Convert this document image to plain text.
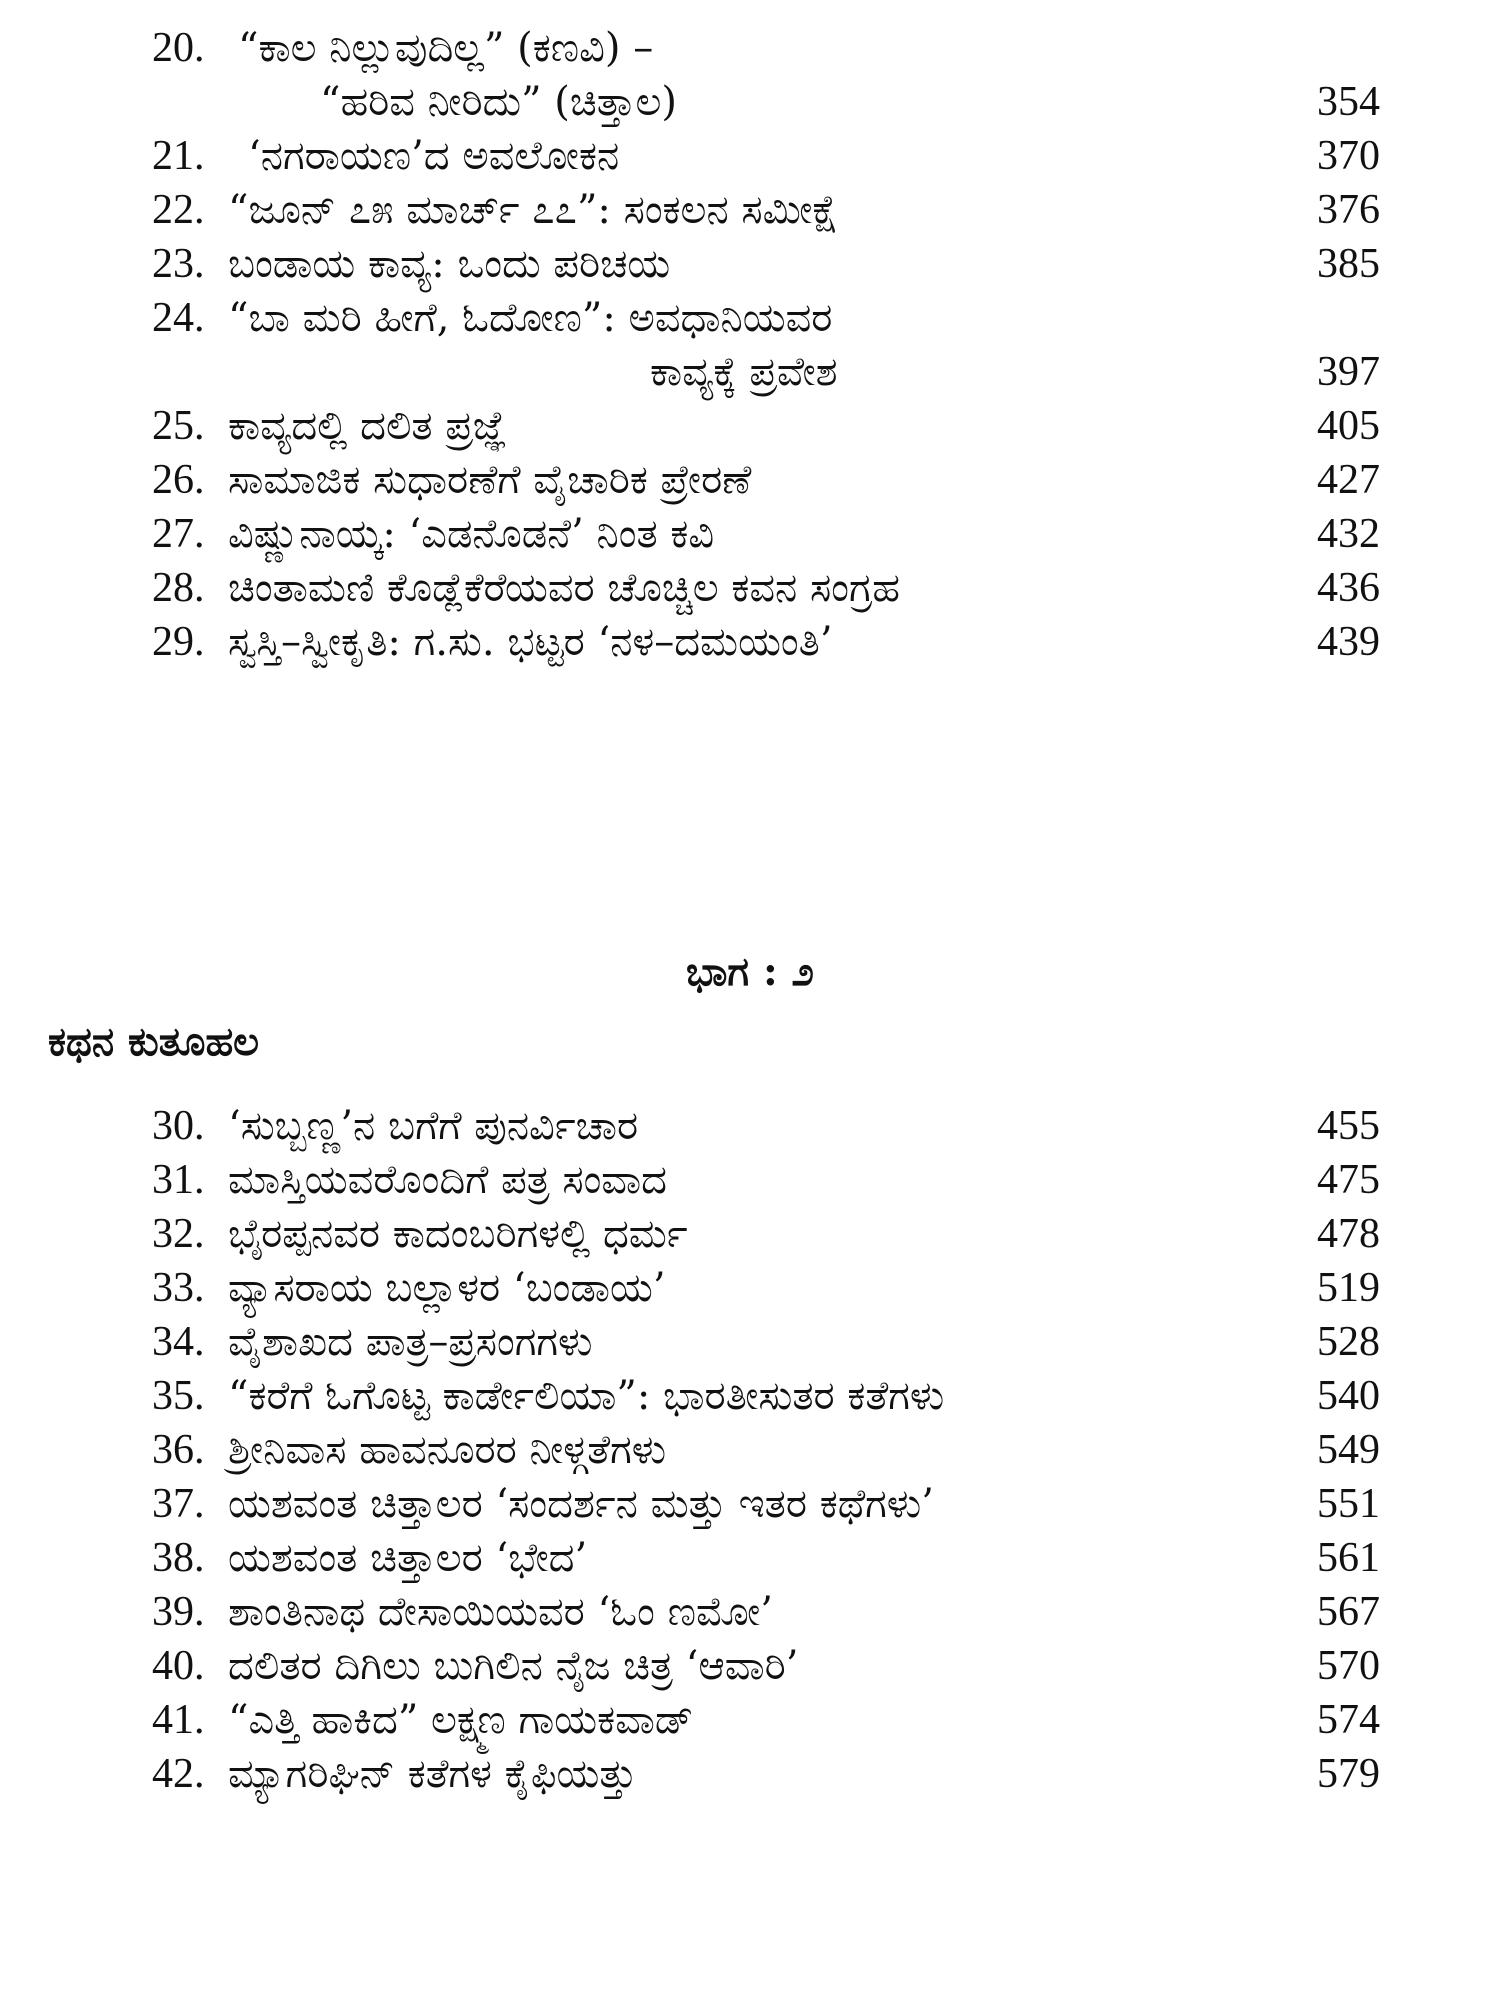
20. “ಕಾಲ ನಿಲ್ಲುವುದಿಲ್ಲ” (ಕಣವಿ) –
“ಹರಿವ ನೀರಿದು” (ಚಿತ್ತಾಲ)	354
21. ‘ನಗರಾಯಣ’ದ ಅವಲೋಕನ	370
22. “ಜೂನ್ ೭೫ ಮಾರ್ಚ್ ೭೭”: ಸಂಕಲನ ಸಮೀಕ್ಷೆ	376
23. ಬಂಡಾಯ ಕಾವ್ಯ: ಒಂದು ಪರಿಚಯ	385
24. “ಬಾ ಮರಿ ಹೀಗೆ, ಓದೋಣ”: ಅವಧಾನಿಯವರ
ಕಾವ್ಯಕ್ಕೆ ಪ್ರವೇಶ	397
25. ಕಾವ್ಯದಲ್ಲಿ ದಲಿತ ಪ್ರಜ್ಞೆ	405
26. ಸಾಮಾಜಿಕ ಸುಧಾರಣೆಗೆ ವೈಚಾರಿಕ ಪ್ರೇರಣೆ	427
27. ವಿಷ್ಣುನಾಯ್ಕ: ‘ಎಡನೊಡನೆ’ ನಿಂತ ಕವಿ	432
28. ಚಿಂತಾಮಣಿ ಕೊಡ್ಲೆಕೆರೆಯವರ ಚೊಚ್ಚಿಲ ಕವನ ಸಂಗ್ರಹ	436
29. ಸ್ವಸ್ತಿ–ಸ್ವೀಕೃತಿ: ಗ.ಸು. ಭಟ್ಟರ ‘ನಳ–ದಮಯಂತಿ’	439
ಭಾಗ : ೨
ಕಥನ ಕುತೂಹಲ
30. ‘ಸುಬ್ಬಣ್ಣ’ನ ಬಗೆಗೆ ಪುನರ್ವಿಚಾರ	455
31. ಮಾಸ್ತಿಯವರೊಂದಿಗೆ ಪತ್ರ ಸಂವಾದ	475
32. ಭೈರಪ್ಪನವರ ಕಾದಂಬರಿಗಳಲ್ಲಿ ಧರ್ಮ	478
33. ವ್ಯಾಸರಾಯ ಬಲ್ಲಾಳರ ‘ಬಂಡಾಯ’	519
34. ವೈಶಾಖದ ಪಾತ್ರ–ಪ್ರಸಂಗಗಳು	528
35. “ಕರೆಗೆ ಓಗೊಟ್ಟ ಕಾರ್ಡೇಲಿಯಾ”: ಭಾರತೀಸುತರ ಕತೆಗಳು	540
36. ಶ್ರೀನಿವಾಸ ಹಾವನೂರರ ನೀಳ್ಗತೆಗಳು	549
37. ಯಶವಂತ ಚಿತ್ತಾಲರ ‘ಸಂದರ್ಶನ ಮತ್ತು ಇತರ ಕಥೆಗಳು’	551
38. ಯಶವಂತ ಚಿತ್ತಾಲರ ‘ಭೇದ’	561
39. ಶಾಂತಿನಾಥ ದೇಸಾಯಿಯವರ ‘ಓಂ ಣಮೋ’	567
40. ದಲಿತರ ದಿಗಿಲು ಬುಗಿಲಿನ ನೈಜ ಚಿತ್ರ ‘ಆವಾರಿ’	570
41. “ಎತ್ತಿ ಹಾಕಿದ” ಲಕ್ಷ್ಮಣ ಗಾಯಕವಾಡ್	574
42. ಮ್ಯಾಗರಿಘಿನ್ ಕತೆಗಳ ಕೈಫಿಯತ್ತು	579
